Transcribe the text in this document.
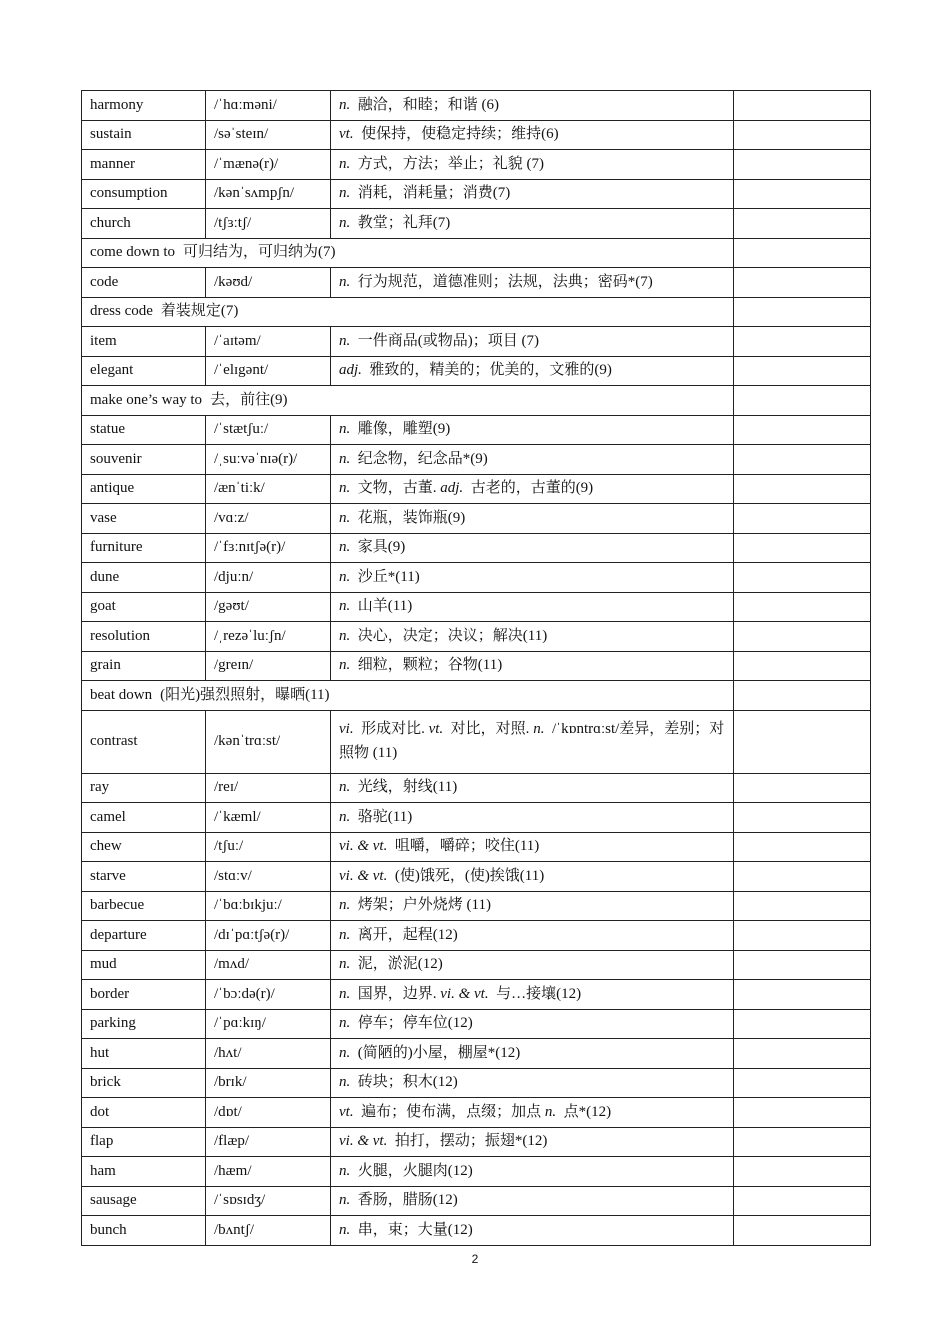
harmony	/ˈhɑːməni/	n. 融洽，和睦；和谐 (6)	
sustain	/səˈsteɪn/	vt. 使保持，使稳定持续；维持(6)	
manner	/ˈmænə(r)/	n. 方式，方法；举止；礼貌 (7)	
consumption	/kənˈsʌmpʃn/	n. 消耗，消耗量；消费(7)	
church	/tʃɜːtʃ/	n. 教堂；礼拜(7)	
come down to 可归结为，可归纳为(7)			
code	/kəʊd/	n. 行为规范，道德准则；法规，法典；密码*(7)	
dress code 着装规定(7)			
item	/ˈaɪtəm/	n. 一件商品(或物品)；项目 (7)	
elegant	/ˈelɪgənt/	adj. 雅致的，精美的；优美的，文雅的(9)	
make one’s way to 去，前往(9)			
statue	/ˈstætʃuː/	n. 雕像，雕塑(9)	
souvenir	/ˌsuːvəˈnɪə(r)/	n. 纪念物，纪念品*(9)	
antique	/ænˈtiːk/	n. 文物，古董. adj. 古老的，古董的(9)	
vase	/vɑːz/	n. 花瓶，装饰瓶(9)	
furniture	/ˈfɜːnɪtʃə(r)/	n. 家具(9)	
dune	/djuːn/	n. 沙丘*(11)	
goat	/gəʊt/	n. 山羊(11)	
resolution	/ˌrezəˈluːʃn/	n. 决心，决定；决议；解决(11)	
grain	/greɪn/	n. 细粒，颗粒；谷物(11)	
beat down (阳光)强烈照射，曝晒(11)			
contrast	/kənˈtrɑːst/	vi. 形成对比. vt. 对比，对照. n. /ˈkɒntrɑːst/差异，差别；对照物 (11)	
ray	/reɪ/	n. 光线，射线(11)	
camel	/ˈkæml/	n. 骆驼(11)	
chew	/tʃuː/	vi. & vt. 咀嚼，嚼碎；咬住(11)	
starve	/stɑːv/	vi. & vt. (使)饿死，(使)挨饿(11)	
barbecue	/ˈbɑːbɪkjuː/	n. 烤架；户外烧烤 (11)	
departure	/dɪˈpɑːtʃə(r)/	n. 离开，起程(12)	
mud	/mʌd/	n. 泥，淤泥(12)	
border	/ˈbɔːdə(r)/	n. 国界，边界. vi. & vt. 与…接壤(12)	
parking	/ˈpɑːkɪŋ/	n. 停车；停车位(12)	
hut	/hʌt/	n. (简陋的)小屋，棚屋*(12)	
brick	/brɪk/	n. 砖块；积木(12)	
dot	/dɒt/	vt. 遍布；使布满，点缀；加点 n. 点*(12)	
flap	/flæp/	vi. & vt. 拍打，摆动；振翅*(12)	
ham	/hæm/	n. 火腿，火腿肉(12)	
sausage	/ˈsɒsɪdʒ/	n. 香肠，腊肠(12)	
bunch	/bʌntʃ/	n. 串，束；大量(12)	
2
